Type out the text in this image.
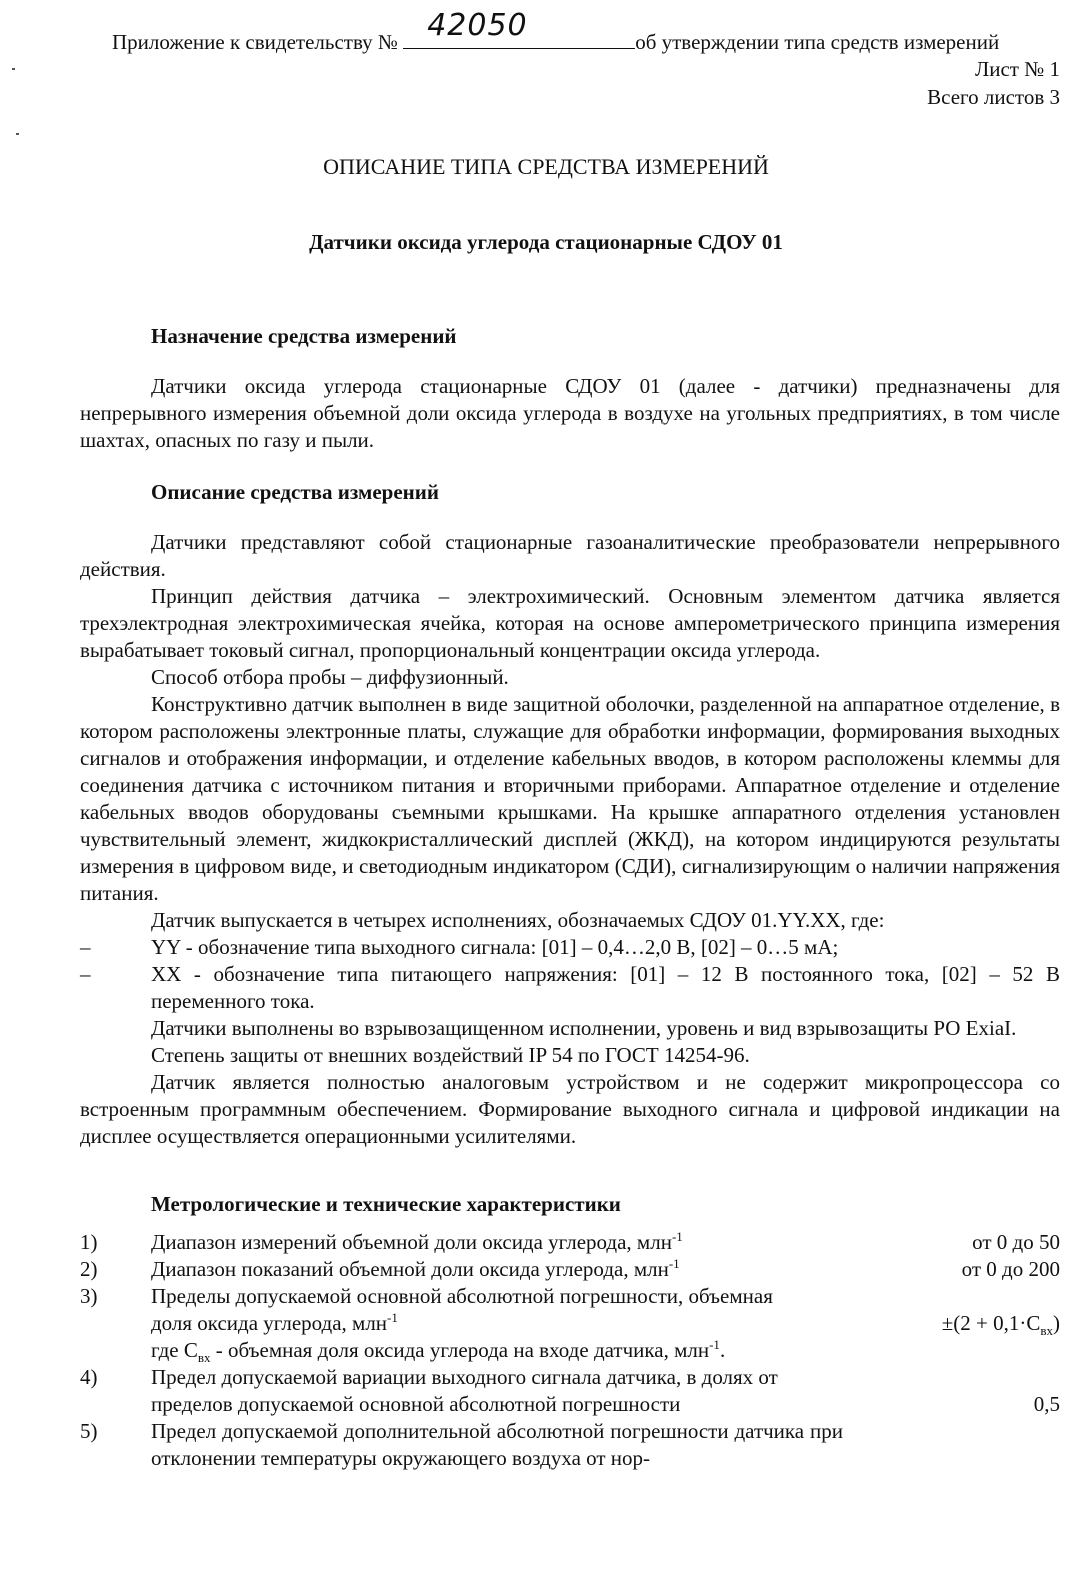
Приложение к свидетельству № 42050	об утверждении типа средств измерений
Лист № 1
Всего листов 3
ОПИСАНИЕ ТИПА СРЕДСТВА ИЗМЕРЕНИЙ
Датчики оксида углерода стационарные СДОУ 01
Назначение средства измерений

Датчики оксида углерода стационарные СДОУ 01 (далее - датчики) предназначены для непрерывного измерения объемной доли оксида углерода в воздухе на угольных предприятиях, в том числе шахтах, опасных по газу и пыли.

Описание средства измерений

Датчики представляют собой стационарные газоаналитические преобразователи непрерывного действия.

Принцип действия датчика – электрохимический. Основным элементом датчика является трехэлектродная электрохимическая ячейка, которая на основе амперометрического принципа измерения вырабатывает токовый сигнал, пропорциональный концентрации оксида углерода.

Способ отбора пробы – диффузионный.

Конструктивно датчик выполнен в виде защитной оболочки, разделенной на аппаратное отделение, в котором расположены электронные платы, служащие для обработки информации, формирования выходных сигналов и отображения информации, и отделение кабельных вводов, в котором расположены клеммы для соединения датчика с источником питания и вторичными приборами. Аппаратное отделение и отделение кабельных вводов оборудованы съемными крышками. На крышке аппаратного отделения установлен чувствительный элемент, жидкокристаллический дисплей (ЖКД), на котором индицируются результаты измерения в цифровом виде, и светодиодным индикатором (СДИ), сигнализирующим о наличии напряжения питания.

Датчик выпускается в четырех исполнениях, обозначаемых СДОУ 01.YY.XX, где:

–	YY - обозначение типа выходного сигнала: [01] – 0,4…2,0 В, [02] – 0…5 мА;
–	XX - обозначение типа питающего напряжения: [01] – 12 В постоянного тока, [02] – 52 В переменного тока.

Датчики выполнены во взрывозащищенном исполнении, уровень и вид взрывозащиты РО ExiaI.

Степень защиты от внешних воздействий IP 54 по ГОСТ 14254-96.

Датчик является полностью аналоговым устройством и не содержит микропроцессора со встроенным программным обеспечением. Формирование выходного сигнала и цифровой индикации на дисплее осуществляется операционными усилителями.

Метрологические и технические характеристики
1)	Диапазон измерений объемной доли оксида углерода, млн$^{-1}$	от 0 до 50
2)	Диапазон показаний объемной доли оксида углерода, млн$^{-1}$	от 0 до 200
3)	Пределы допускаемой основной абсолютной погрешности, объемная
доля оксида углерода, млн$^{-1}$	$\pm(2 + 0,1\cdot C_{вх})$
где $C_{вх}$ - объемная доля оксида углерода на входе датчика, млн$^{-1}$.
4)	Предел допускаемой вариации выходного сигнала датчика, в долях от
пределов допускаемой основной абсолютной погрешности	0,5
5)	Предел допускаемой дополнительной абсолютной погрешности датчика при отклонении температуры окружающего воздуха от нор-
